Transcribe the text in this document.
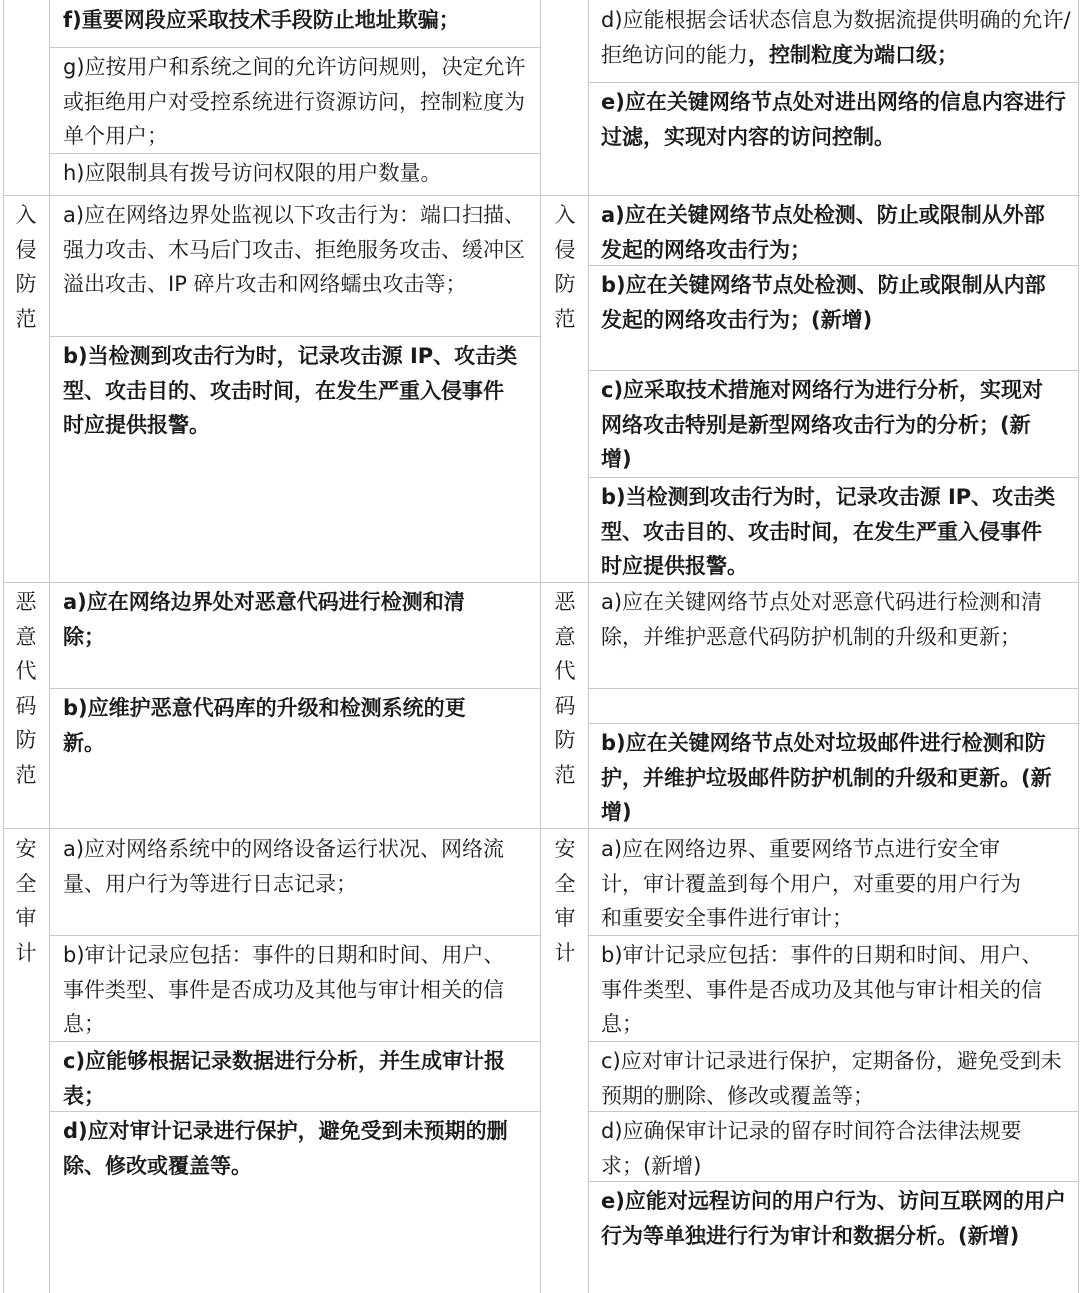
f)重要网段应采取技术手段防止地址欺骗；
g)应按用户和系统之间的允许访问规则，决定允许或拒绝用户对受控系统进行资源访问，控制粒度为单个用户；
h)应限制具有拨号访问权限的用户数量。
d)应能根据会话状态信息为数据流提供明确的允许/拒绝访问的能力，控制粒度为端口级；
e)应在关键网络节点处对进出网络的信息内容进行过滤，实现对内容的访问控制。
入侵防范
入侵防范
a)应在网络边界处监视以下攻击行为：端口扫描、强力攻击、木马后门攻击、拒绝服务攻击、缓冲区溢出攻击、IP 碎片攻击和网络蠕虫攻击等；
b)当检测到攻击行为时，记录攻击源 IP、攻击类型、攻击目的、攻击时间，在发生严重入侵事件时应提供报警。
a)应在关键网络节点处检测、防止或限制从外部发起的网络攻击行为；
b)应在关键网络节点处检测、防止或限制从内部发起的网络攻击行为；(新增)
c)应采取技术措施对网络行为进行分析，实现对网络攻击特别是新型网络攻击行为的分析；(新增)
b)当检测到攻击行为时，记录攻击源 IP、攻击类型、攻击目的、攻击时间，在发生严重入侵事件时应提供报警。
恶意代码防范
恶意代码防范
a)应在网络边界处对恶意代码进行检测和清除；
b)应维护恶意代码库的升级和检测系统的更新。
a)应在关键网络节点处对恶意代码进行检测和清除，并维护恶意代码防护机制的升级和更新；
b)应在关键网络节点处对垃圾邮件进行检测和防护，并维护垃圾邮件防护机制的升级和更新。(新增)
安全审计
安全审计
a)应对网络系统中的网络设备运行状况、网络流量、用户行为等进行日志记录；
b)审计记录应包括：事件的日期和时间、用户、事件类型、事件是否成功及其他与审计相关的信息；
c)应能够根据记录数据进行分析，并生成审计报表；
d)应对审计记录进行保护，避免受到未预期的删除、修改或覆盖等。
a)应在网络边界、重要网络节点进行安全审计，审计覆盖到每个用户，对重要的用户行为和重要安全事件进行审计；
b)审计记录应包括：事件的日期和时间、用户、事件类型、事件是否成功及其他与审计相关的信息；
c)应对审计记录进行保护，定期备份，避免受到未预期的删除、修改或覆盖等；
d)应确保审计记录的留存时间符合法律法规要求；(新增)
e)应能对远程访问的用户行为、访问互联网的用户行为等单独进行行为审计和数据分析。(新增)
